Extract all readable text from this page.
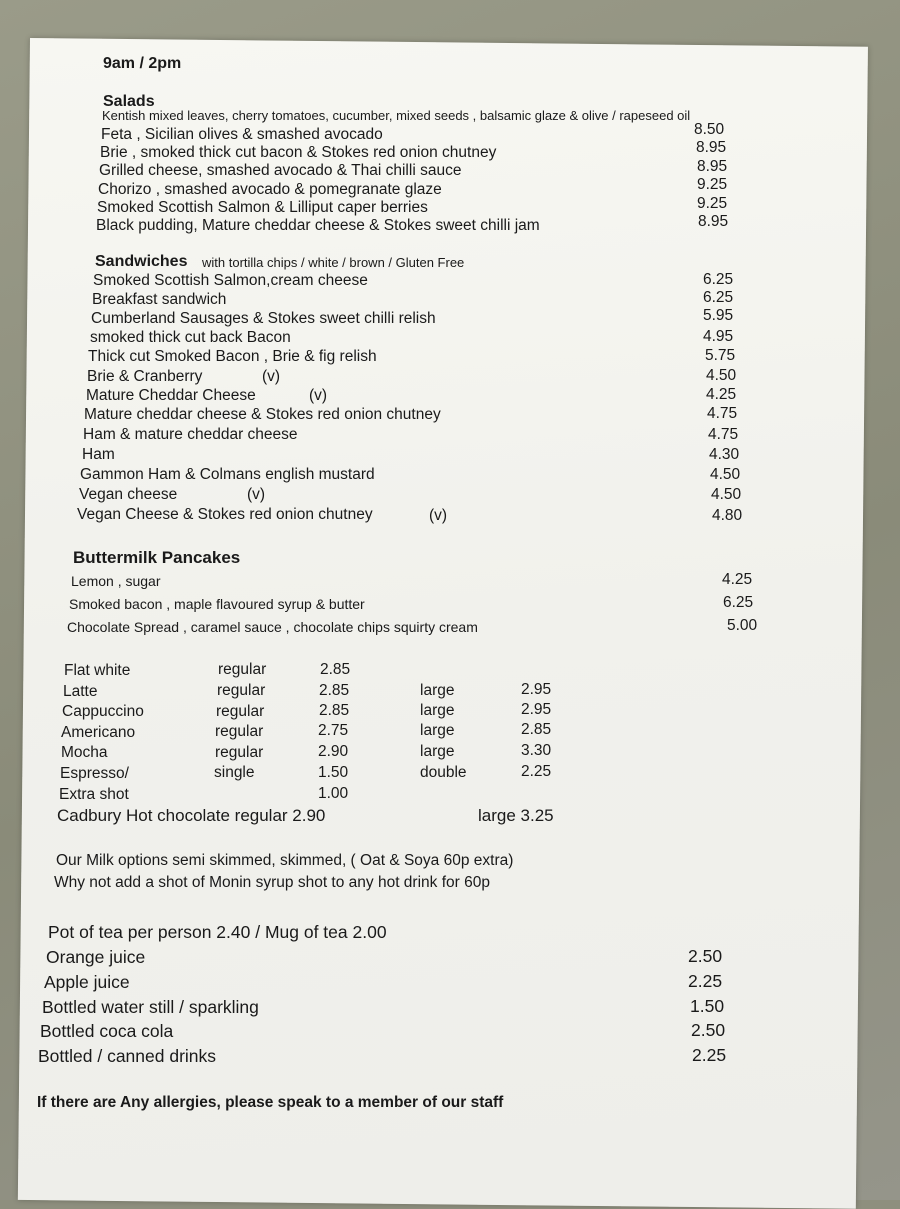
9am / 2pm
Salads
Kentish mixed leaves, cherry tomatoes, cucumber, mixed seeds , balsamic glaze & olive / rapeseed oil
Feta , Sicilian olives & smashed avocado	8.50
Brie , smoked thick cut bacon & Stokes red onion chutney	8.95
Grilled cheese, smashed avocado & Thai chilli sauce	8.95
Chorizo , smashed avocado & pomegranate glaze	9.25
Smoked Scottish Salmon & Lilliput caper berries	9.25
Black pudding, Mature cheddar cheese & Stokes sweet chilli jam	8.95
Sandwiches with tortilla chips / white / brown / Gluten Free
Smoked Scottish Salmon,cream cheese	6.25
Breakfast sandwich	6.25
Cumberland Sausages & Stokes sweet chilli relish	5.95
smoked thick cut back Bacon	4.95
Thick cut Smoked Bacon , Brie & fig relish	5.75
Brie & Cranberry	(v)	4.50
Mature Cheddar Cheese	(v)	4.25
Mature cheddar cheese & Stokes red onion chutney	4.75
Ham & mature cheddar cheese	4.75
Ham	4.30
Gammon Ham & Colmans english mustard	4.50
Vegan cheese	(v)	4.50
Vegan Cheese & Stokes red onion chutney	(v)	4.80
Buttermilk Pancakes
Lemon , sugar	4.25
Smoked bacon , maple flavoured syrup & butter	6.25
Chocolate Spread , caramel sauce , chocolate chips squirty cream	5.00
Flat white	regular	2.85
Latte	regular	2.85	large	2.95
Cappuccino	regular	2.85	large	2.95
Americano	regular	2.75	large	2.85
Mocha	regular	2.90	large	3.30
Espresso/	single	1.50	double	2.25
Extra shot	1.00
Cadbury Hot chocolate regular 2.90	large 3.25
Our Milk options semi skimmed, skimmed, ( Oat & Soya 60p extra)
Why not add a shot of Monin syrup shot to any hot drink for 60p
Pot of tea per person 2.40 / Mug of tea 2.00
Orange juice	2.50
Apple juice	2.25
Bottled water still / sparkling	1.50
Bottled coca cola	2.50
Bottled / canned drinks	2.25
If there are Any allergies, please speak to a member of our staff
